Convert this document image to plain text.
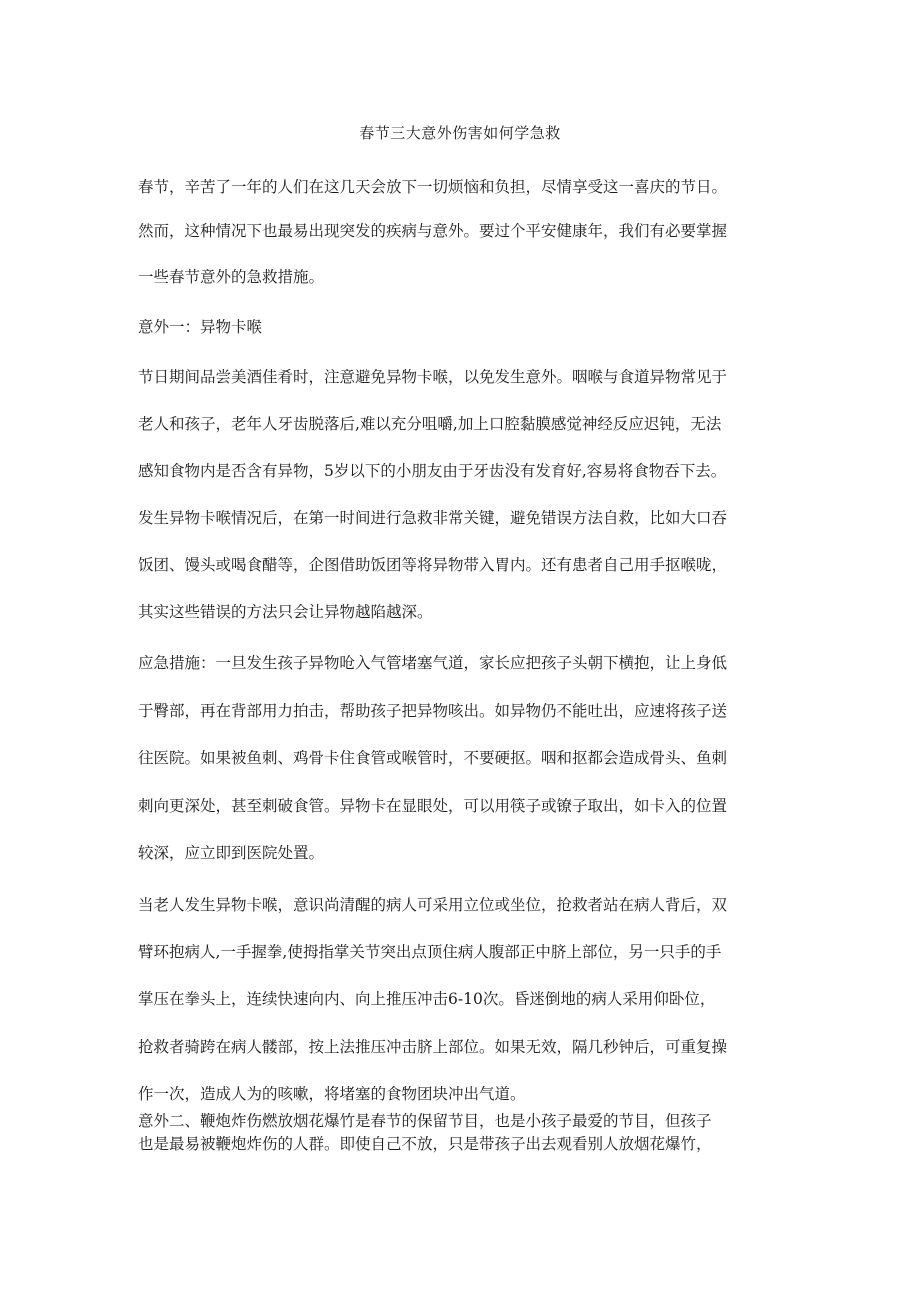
春节三大意外伤害如何学急救
春节，辛苦了一年的人们在这几天会放下一切烦恼和负担，尽情享受这一喜庆的节日。
然而，这种情况下也最易出现突发的疾病与意外。要过个平安健康年，我们有必要掌握
一些春节意外的急救措施。
意外一：异物卡喉
节日期间品尝美酒佳肴时，注意避免异物卡喉，以免发生意外。咽喉与食道异物常见于
老人和孩子，老年人牙齿脱落后,难以充分咀嚼,加上口腔黏膜感觉神经反应迟钝，无法
感知食物内是否含有异物，5岁以下的小朋友由于牙齿没有发育好,容易将食物吞下去。
发生异物卡喉情况后，在第一时间进行急救非常关键，避免错误方法自救，比如大口吞
饭团、馒头或喝食醋等，企图借助饭团等将异物带入胃内。还有患者自己用手抠喉咙，
其实这些错误的方法只会让异物越陷越深。
应急措施：一旦发生孩子异物呛入气管堵塞气道，家长应把孩子头朝下横抱，让上身低
于臀部，再在背部用力拍击，帮助孩子把异物咳出。如异物仍不能吐出，应速将孩子送
往医院。如果被鱼刺、鸡骨卡住食管或喉管时，不要硬抠。咽和抠都会造成骨头、鱼刺
刺向更深处，甚至刺破食管。异物卡在显眼处，可以用筷子或镣子取出，如卡入的位置
较深，应立即到医院处置。
当老人发生异物卡喉，意识尚清醒的病人可采用立位或坐位，抢救者站在病人背后，双
臂环抱病人,一手握拳,使拇指掌关节突出点顶住病人腹部正中脐上部位，另一只手的手
掌压在拳头上，连续快速向内、向上推压冲击6-10次。昏迷倒地的病人采用仰卧位，
抢救者骑跨在病人髅部，按上法推压冲击脐上部位。如果无效，隔几秒钟后，可重复操
作一次，造成人为的咳嗽，将堵塞的食物团块冲出气道。
意外二、鞭炮炸伤燃放烟花爆竹是春节的保留节目，也是小孩子最爱的节目，但孩子
也是最易被鞭炮炸伤的人群。即使自己不放，只是带孩子出去观看别人放烟花爆竹，
